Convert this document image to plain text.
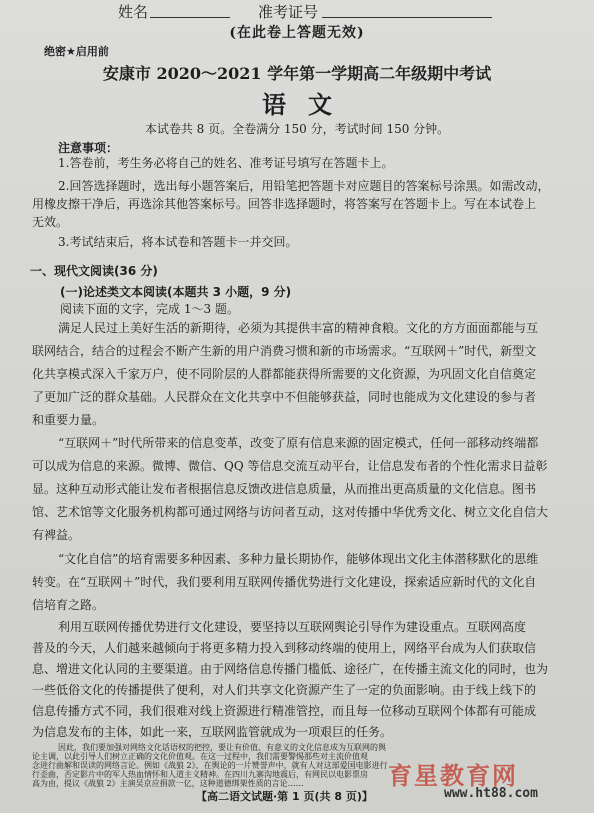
姓名	准考证号
(在此卷上答题无效)
绝密★启用前
安康市 2020～2021 学年第一学期高二年级期中考试
语文
本试卷共 8 页。全卷满分 150 分，考试时间 150 分钟。
注意事项：
1.答卷前，考生务必将自己的姓名、准考证号填写在答题卡上。
2.回答选择题时，选出每小题答案后，用铅笔把答题卡对应题目的答案标号涂黑。如需改动，
用橡皮擦干净后，再选涂其他答案标号。回答非选择题时，将答案写在答题卡上。写在本试卷上
无效。
3.考试结束后，将本试卷和答题卡一并交回。
一、现代文阅读(36 分)
(一)论述类文本阅读(本题共 3 小题，9 分)
阅读下面的文字，完成 1～3 题。
满足人民过上美好生活的新期待，必须为其提供丰富的精神食粮。文化的方方面面都能与互
联网结合，结合的过程会不断产生新的用户消费习惯和新的市场需求。“互联网＋”时代，新型文
化共享模式深入千家万户，使不同阶层的人群都能获得所需要的文化资源，为巩固文化自信奠定
了更加广泛的群众基础。人民群众在文化共享中不但能够获益，同时也能成为文化建设的参与者
和重要力量。
“互联网＋”时代所带来的信息变革，改变了原有信息来源的固定模式，任何一部移动终端都
可以成为信息的来源。微博、微信、QQ 等信息交流互动平台，让信息发布者的个性化需求日益彰
显。这种互动形式能让发布者根据信息反馈改进信息质量，从而推出更高质量的文化信息。图书
馆、艺术馆等文化服务机构都可通过网络与访问者互动，这对传播中华优秀文化、树立文化自信大
有裨益。
“文化自信”的培育需要多种因素、多种力量长期协作，能够体现出文化主体潜移默化的思维
转变。在“互联网＋”时代，我们要利用互联网传播优势进行文化建设，探索适应新时代的文化自
信培育之路。
利用互联网传播优势进行文化建设，要坚持以互联网舆论引导作为建设重点。互联网高度
普及的今天，人们越来越倾向于将更多精力投入到移动终端的使用上，网络平台成为人们获取信
息、增进文化认同的主要渠道。由于网络信息传播门槛低、途径广，在传播主流文化的同时，也为
一些低俗文化的传播提供了便利，对人们共享文化资源产生了一定的负面影响。由于线上线下的
信息传播方式不同，我们很难对线上资源进行精准管控，而且每一位移动互联网个体都有可能成
为信息发布的主体，如此一来，互联网监管就成为一项艰巨的任务。
因此，我们要加强对网络文化话语权的把控，要让有价值、有意义的文化信息成为互联网的舆
论主调，以此引导人们树立正确的文化价值观。在这一过程中，我们需要警惕那些对主流价值观
念进行曲解和误读的网络言论。例如《战狼 2》，在舆论的一片赞誉声中，就有人对这部爱国电影进行
行歪曲，否定影片中的军人热血情怀和人道主义精神。在四川九寨沟地震后，有网民以电影票房
高为由，提议《战狼 2》主演吴京应捐款一亿，这种道德绑架性质的言论……	育星教育网
www.ht88.com
【高二语文试题·第 1 页(共 8 页)】
